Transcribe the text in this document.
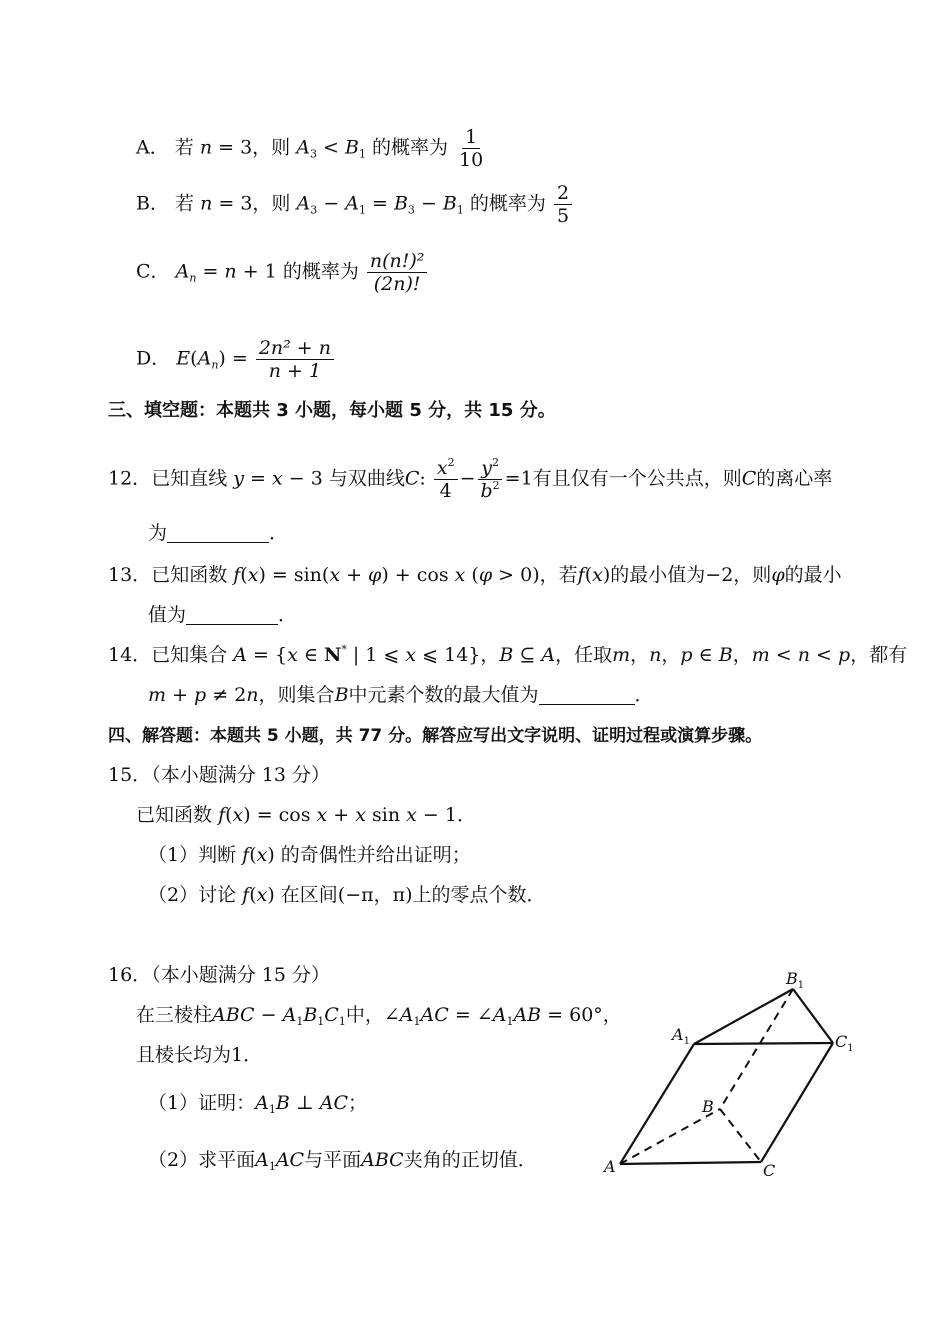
A． 若 n = 3，则 $A_3 < B_1$ 的概率为 $\frac{1}{10}$
B． 若 n = 3，则 $A_3 - A_1 = B_3 - B_1$ 的概率为 $\frac{2}{5}$
C． $A_n = n + 1$ 的概率为 $\frac{\text{n(n!)²}}{(2n)!}$
D． $E(A_n) = \frac{\text{2n² + n}}{n + 1}$
三、填空题：本题共 3 小题，每小题 5 分，共 15 分。
12．已知直线 y = x − 3 与双曲线C: $\frac{x^2}{4} - \frac{y^2}{b^2} =1$有且仅有一个公共点，则C的离心率
为	．
13．已知函数 f(x) = sin(x + φ) + cos x (φ > 0)，若f(x)的最小值为−2，则φ的最小
值为	．
14．已知集合 A = {x ∈ N* | 1 ⩽ x ⩽ 14}，B ⊆ A，任取m，n，p ∈ B，m < n < p，都有
m + p ≠ 2n，则集合B中元素个数的最大值为	．
四、解答题：本题共 5 小题，共 77 分。解答应写出文字说明、证明过程或演算步骤。
15．（本小题满分 13 分）
已知函数 f(x) = cos x + x sin x − 1．
（1）判断 f(x) 的奇偶性并给出证明；
（2）讨论 f(x) 在区间(−π，π)上的零点个数．
16．（本小题满分 15 分）
在三棱柱ABC − $A_1B_1C_1$中，$\angle A_1AC$ = $\angle A_1AB = 60^\circ$，
且棱长均为1．
（1）证明：$A_1B$ ⊥ AC；
（2）求平面$A_1AC$与平面ABC夹角的正切值．
$B_1$
$A_1$	$C_1$
B
A	C
